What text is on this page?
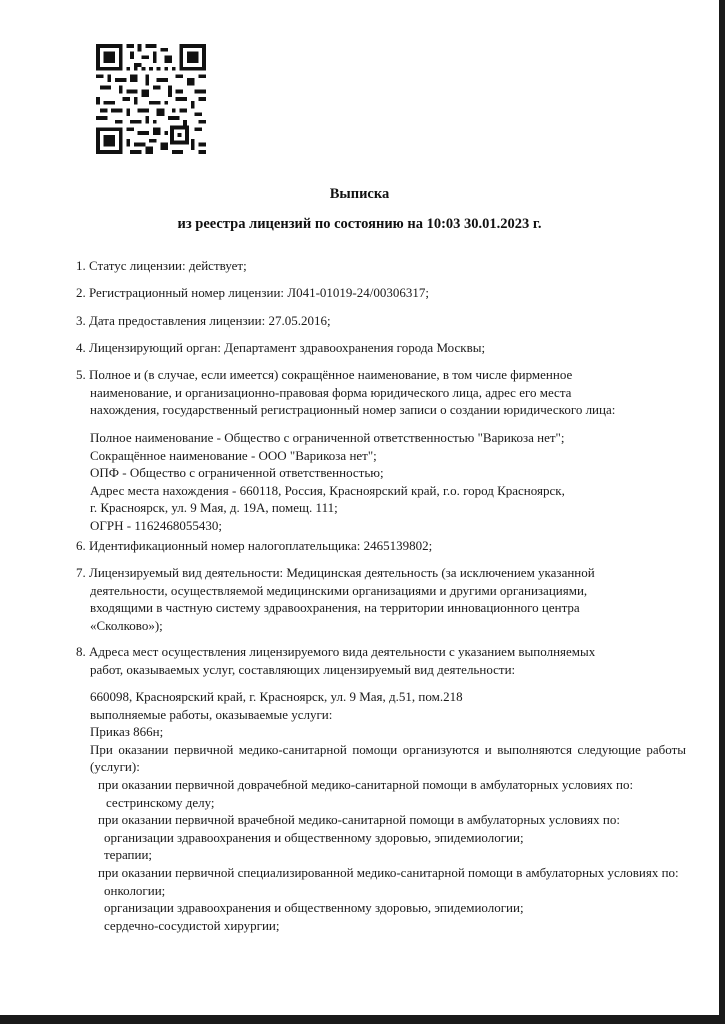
Выписка
из реестра лицензий по состоянию на 10:03 30.01.2023 г.
1. Статус лицензии: действует;
2. Регистрационный номер лицензии: Л041-01019-24/00306317;
3. Дата предоставления лицензии: 27.05.2016;
4. Лицензирующий орган: Департамент здравоохранения города Москвы;
5. Полное и (в случае, если имеется) сокращённое наименование, в том числе фирменное
наименование, и организационно-правовая форма юридического лица, адрес его места
нахождения, государственный регистрационный номер записи о создании юридического лица:
Полное наименование - Общество с ограниченной ответственностью "Варикоза нет";
Сокращённое наименование - ООО "Варикоза нет";
ОПФ - Общество с ограниченной ответственностью;
Адрес места нахождения - 660118, Россия, Красноярский край, г.о. город Красноярск,
г. Красноярск, ул. 9 Мая, д. 19А, помещ. 111;
ОГРН - 1162468055430;
6. Идентификационный номер налогоплательщика: 2465139802;
7. Лицензируемый вид деятельности: Медицинская деятельность (за исключением указанной
деятельности, осуществляемой медицинскими организациями и другими организациями,
входящими в частную систему здравоохранения, на территории инновационного центра
«Сколково»);
8. Адреса мест осуществления лицензируемого вида деятельности с указанием выполняемых
работ, оказываемых услуг, составляющих лицензируемый вид деятельности:
660098, Красноярский край, г. Красноярск, ул. 9 Мая, д.51, пом.218
выполняемые работы, оказываемые услуги:
Приказ 866н;
При оказании первичной медико-санитарной помощи организуются и выполняются следующие работы (услуги):
при оказании первичной доврачебной медико-санитарной помощи в амбулаторных условиях по:
сестринскому делу;
при оказании первичной врачебной медико-санитарной помощи в амбулаторных условиях по:
организации здравоохранения и общественному здоровью, эпидемиологии;
терапии;
при оказании первичной специализированной медико-санитарной помощи в амбулаторных условиях по:
онкологии;
организации здравоохранения и общественному здоровью, эпидемиологии;
сердечно-сосудистой хирургии;
